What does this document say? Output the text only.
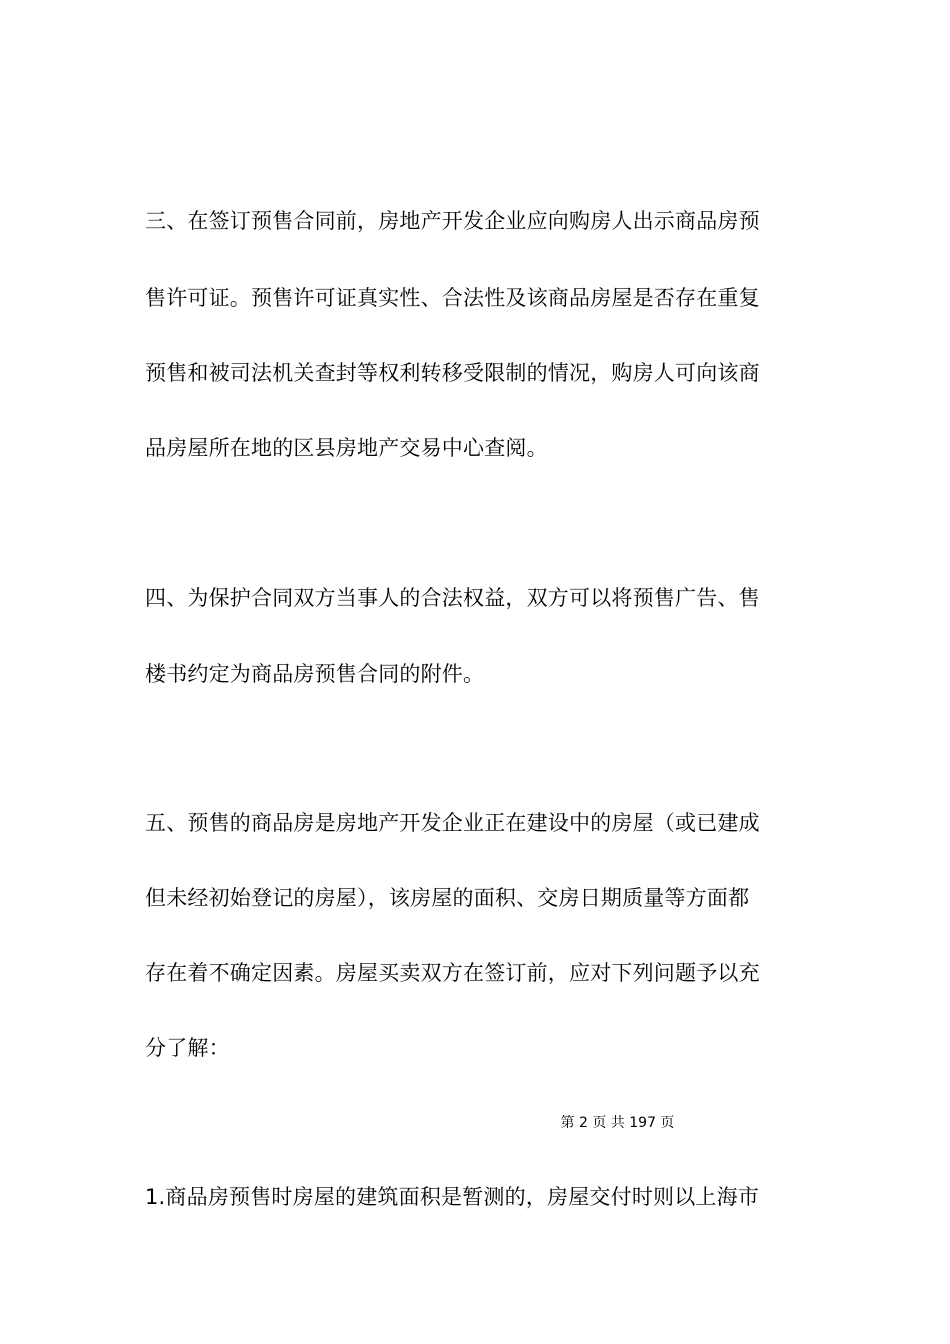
三、在签订预售合同前，房地产开发企业应向购房人出示商品房预
售许可证。预售许可证真实性、合法性及该商品房屋是否存在重复
预售和被司法机关查封等权利转移受限制的情况，购房人可向该商
品房屋所在地的区县房地产交易中心查阅。
四、为保护合同双方当事人的合法权益，双方可以将预售广告、售
楼书约定为商品房预售合同的附件。
五、预售的商品房是房地产开发企业正在建设中的房屋（或已建成
但未经初始登记的房屋），该房屋的面积、交房日期质量等方面都
存在着不确定因素。房屋买卖双方在签订前，应对下列问题予以充
分了解：
第 2 页 共 197 页
1.商品房预售时房屋的建筑面积是暂测的，房屋交付时则以上海市
